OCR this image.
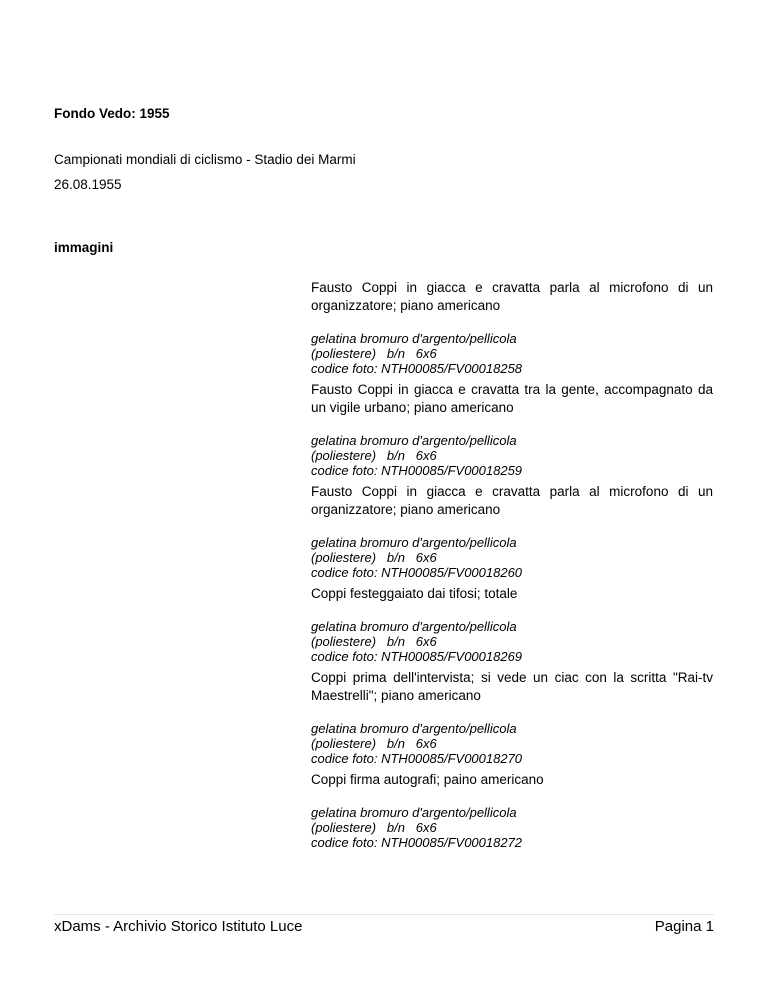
Fondo Vedo: 1955
Campionati mondiali di ciclismo - Stadio dei Marmi
26.08.1955
immagini

Fausto Coppi in giacca e cravatta parla al microfono di un organizzatore; piano americano

gelatina bromuro d'argento/pellicola
(poliestere)   b/n   6x6
codice foto: NTH00085/FV00018258

Fausto Coppi in giacca e cravatta tra la gente, accompagnato da un vigile urbano; piano americano

gelatina bromuro d'argento/pellicola
(poliestere)   b/n   6x6
codice foto: NTH00085/FV00018259

Fausto Coppi in giacca e cravatta parla al microfono di un organizzatore; piano americano

gelatina bromuro d'argento/pellicola
(poliestere)   b/n   6x6
codice foto: NTH00085/FV00018260

Coppi festeggaiato dai tifosi; totale

gelatina bromuro d'argento/pellicola
(poliestere)   b/n   6x6
codice foto: NTH00085/FV00018269

Coppi prima dell'intervista; si vede un ciac con la scritta "Rai-tv Maestrelli"; piano americano

gelatina bromuro d'argento/pellicola
(poliestere)   b/n   6x6
codice foto: NTH00085/FV00018270

Coppi firma autografi; paino americano

gelatina bromuro d'argento/pellicola
(poliestere)   b/n   6x6
codice foto: NTH00085/FV00018272
xDams - Archivio Storico Istituto Luce	Pagina 1
